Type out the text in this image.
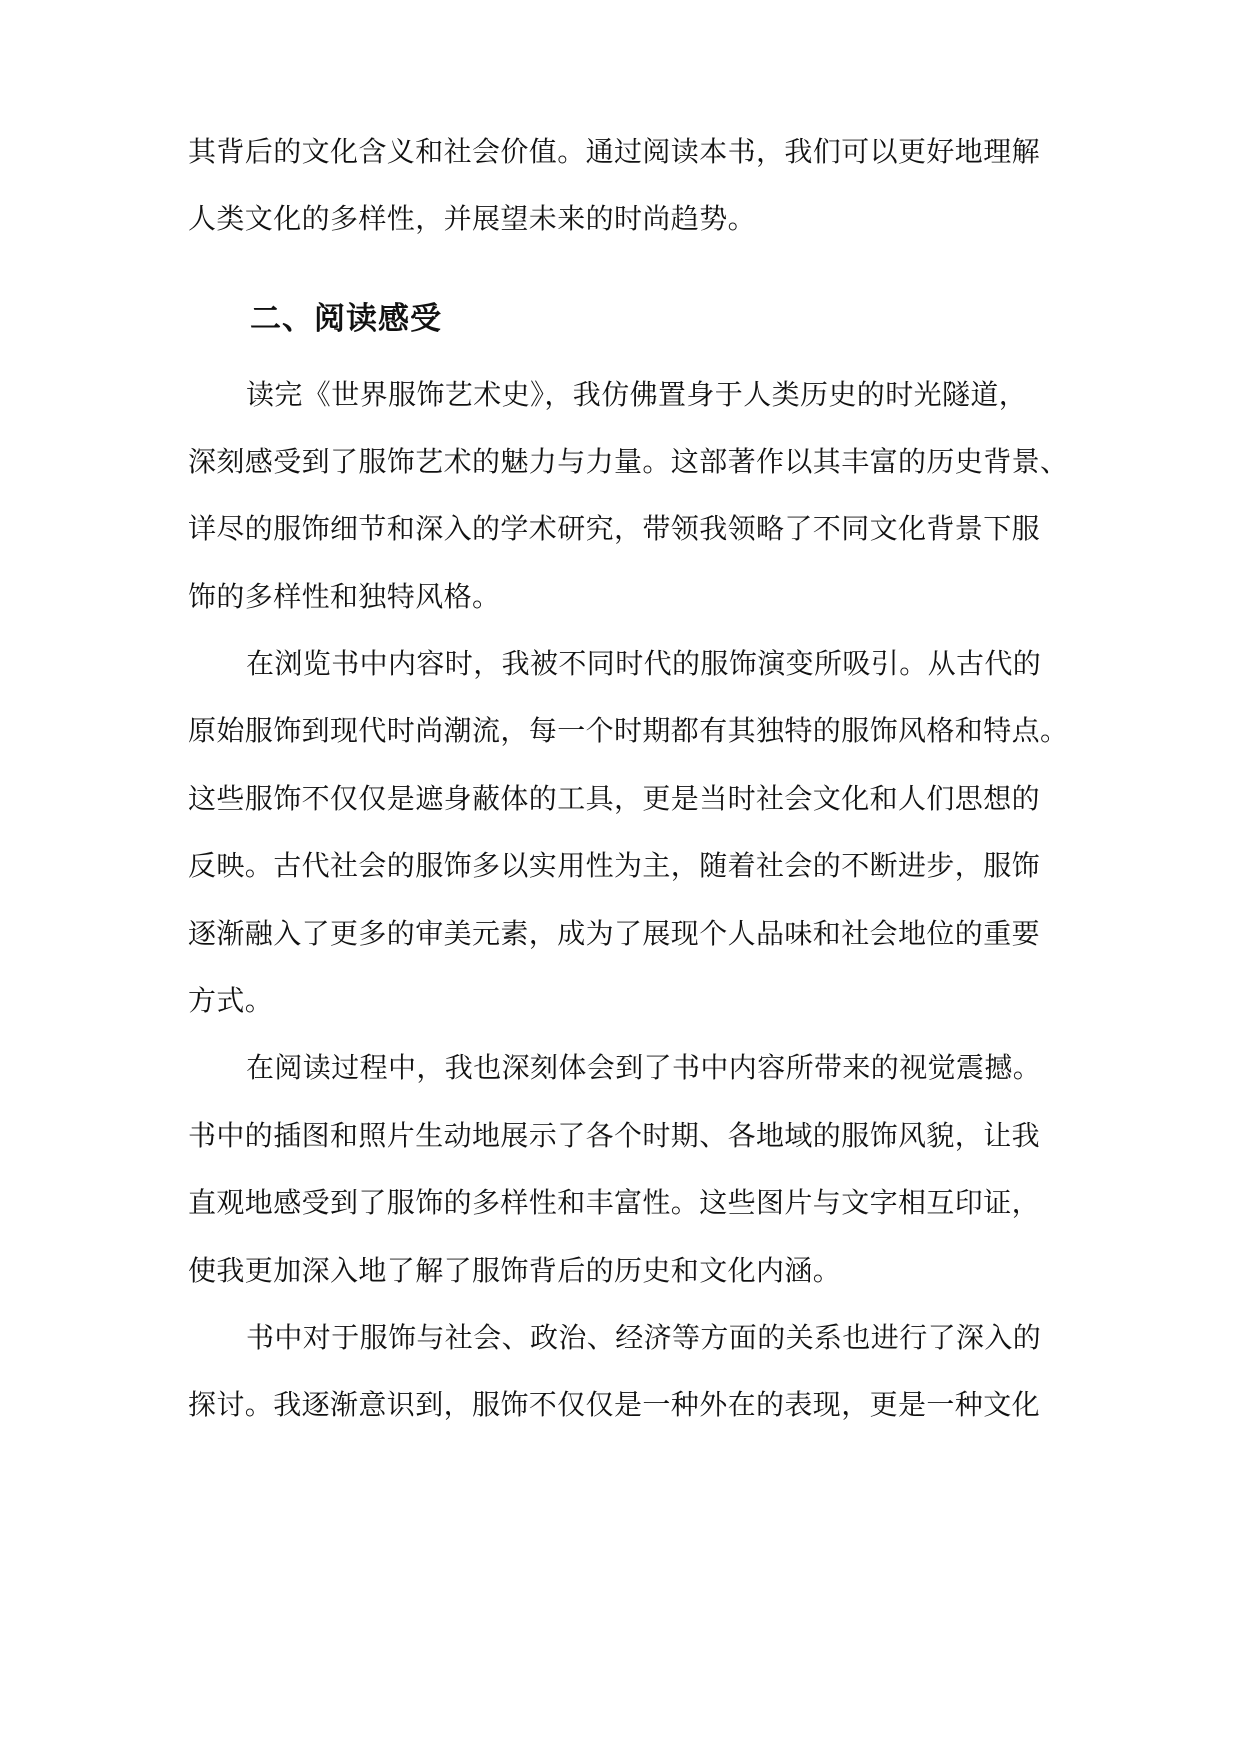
其背后的文化含义和社会价值。通过阅读本书，我们可以更好地理解
人类文化的多样性，并展望未来的时尚趋势。
二、阅读感受
读完《世界服饰艺术史》，我仿佛置身于人类历史的时光隧道，
深刻感受到了服饰艺术的魅力与力量。这部著作以其丰富的历史背景、
详尽的服饰细节和深入的学术研究，带领我领略了不同文化背景下服
饰的多样性和独特风格。
在浏览书中内容时，我被不同时代的服饰演变所吸引。从古代的
原始服饰到现代时尚潮流，每一个时期都有其独特的服饰风格和特点。
这些服饰不仅仅是遮身蔽体的工具，更是当时社会文化和人们思想的
反映。古代社会的服饰多以实用性为主，随着社会的不断进步，服饰
逐渐融入了更多的审美元素，成为了展现个人品味和社会地位的重要
方式。
在阅读过程中，我也深刻体会到了书中内容所带来的视觉震撼。
书中的插图和照片生动地展示了各个时期、各地域的服饰风貌，让我
直观地感受到了服饰的多样性和丰富性。这些图片与文字相互印证，
使我更加深入地了解了服饰背后的历史和文化内涵。
书中对于服饰与社会、政治、经济等方面的关系也进行了深入的
探讨。我逐渐意识到，服饰不仅仅是一种外在的表现，更是一种文化
